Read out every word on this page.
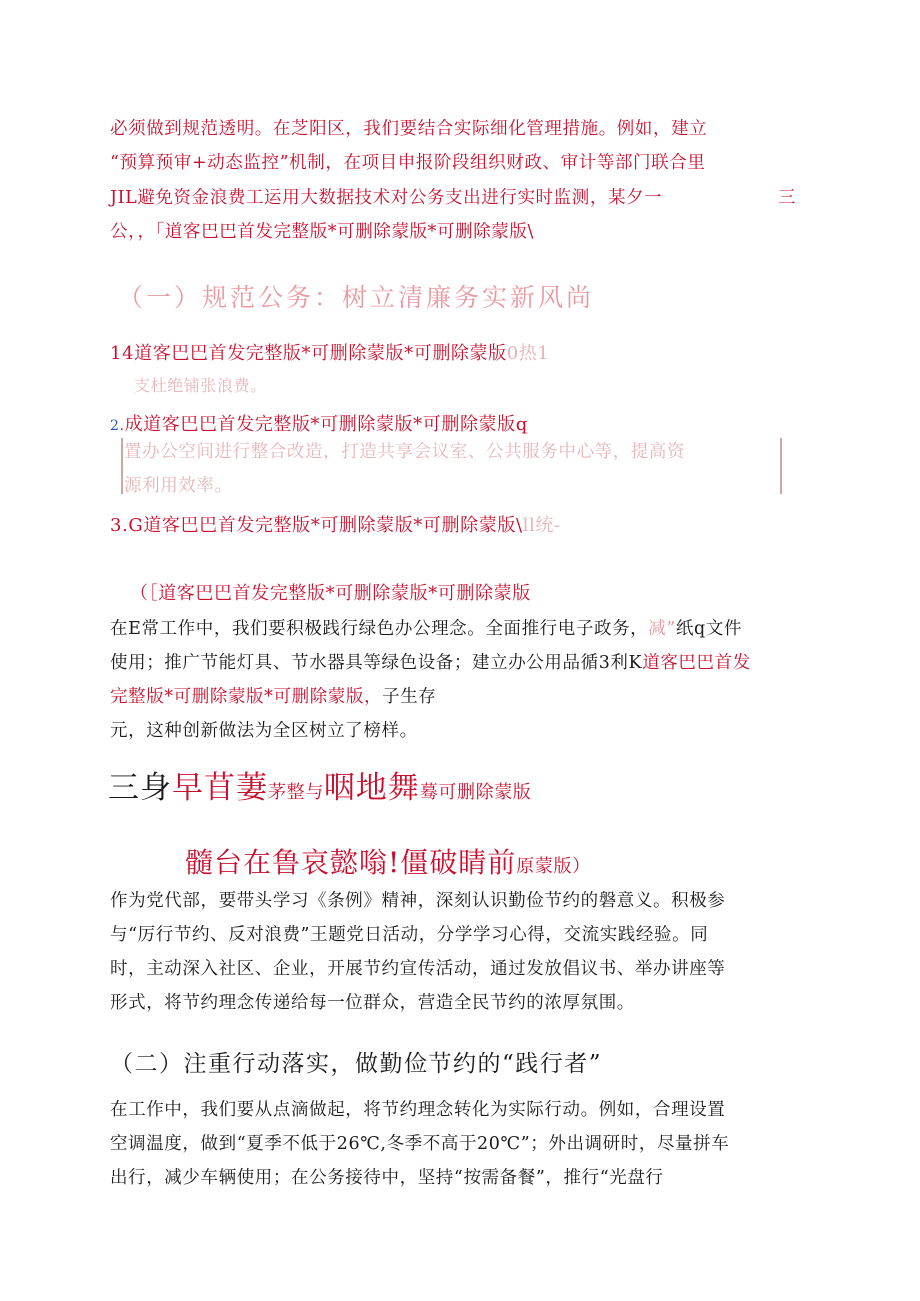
必须做到规范透明。在芝阳区，我们要结合实际细化管理措施。例如，建立
“预算预审+动态监控”机制，在项目申报阶段组织财政、审计等部门联合里
JIL避免资金浪费工运用大数据技术对公务支出进行实时监测，某夕一	三
公，，「道客巴巴首发完整版*可删除蒙版*可删除蒙版\
（一）规范公务：树立清廉务实新风尚
14道客巴巴首发完整版*可删除蒙版*可删除蒙版0热1
支杜绝铺张浪费。
2.成道客巴巴首发完整版*可删除蒙版*可删除蒙版q
置办公空间进行整合改造，打造共享会议室、公共服务中心等，提高资
源利用效率。
3.G道客巴巴首发完整版*可删除蒙版*可删除蒙版\ll统-
（［道客巴巴首发完整版*可删除蒙版*可删除蒙版
在E常工作中，我们要积极践行绿色办公理念。全面推行电子政务，减”纸q文件
使用；推广节能灯具、节水器具等绿色设备；建立办公用品循3利K道客巴巴首发
完整版*可删除蒙版*可删除蒙版，子生存
元，这种创新做法为全区树立了榜样。
三身早苜萋茅整与咽地舞蓦可删除蒙版
髓台在鲁哀懿嗡!僵破睛前原蒙版）
作为党代部，要带头学习《条例》精神，深刻认识勤俭节约的磐意义。积极参
与“厉行节约、反对浪费”王题党日活动，分学学习心得，交流实践经验。同
时，主动深入社区、企业，开展节约宣传活动，通过发放倡议书、举办讲座等
形式，将节约理念传递给每一位群众，营造全民节约的浓厚氛围。
（二）注重行动落实，做勤俭节约的“践行者”
在工作中，我们要从点滴做起，将节约理念转化为实际行动。例如，合理设置
空调温度，做到“夏季不低于26℃,冬季不高于20℃”；外出调研时，尽量拼车
出行，减少车辆使用；在公务接待中，坚持“按需备餐”，推行“光盘行
